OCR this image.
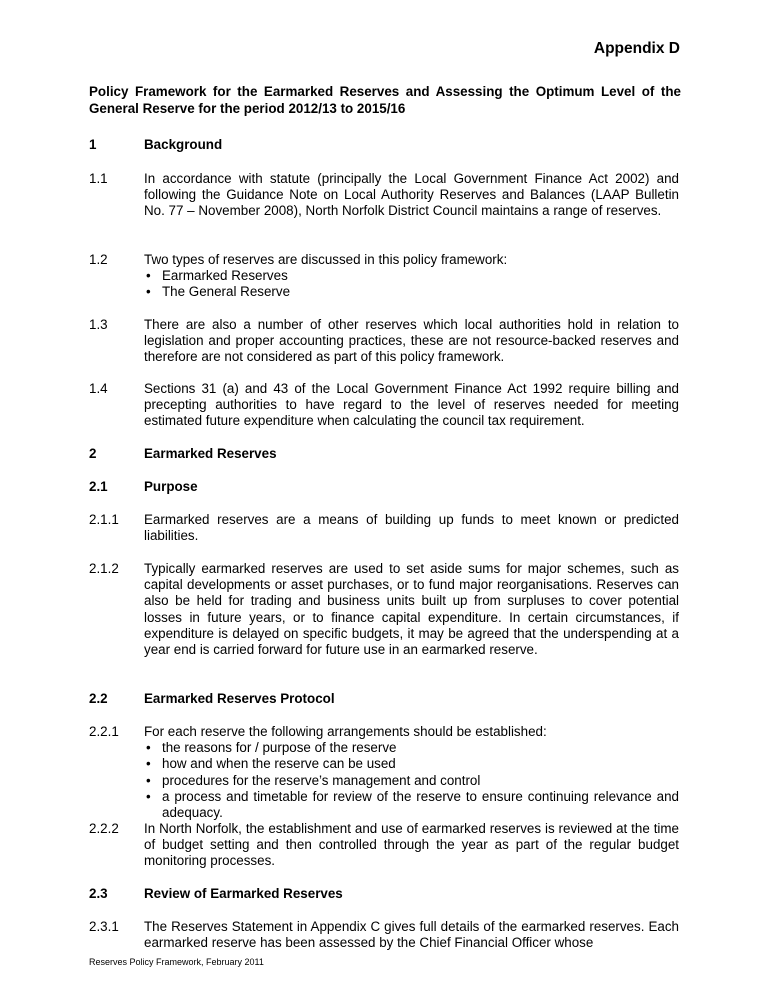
Appendix D
Policy Framework for the Earmarked Reserves and Assessing the Optimum Level of the General Reserve for the period 2012/13 to 2015/16
1	Background
1.1	In accordance with statute (principally the Local Government Finance Act 2002) and following the Guidance Note on Local Authority Reserves and Balances (LAAP Bulletin No. 77 – November 2008), North Norfolk District Council maintains a range of reserves.
1.2	Two types of reserves are discussed in this policy framework:
• Earmarked Reserves
• The General Reserve
1.3	There are also a number of other reserves which local authorities hold in relation to legislation and proper accounting practices, these are not resource-backed reserves and therefore are not considered as part of this policy framework.
1.4	Sections 31 (a) and 43 of the Local Government Finance Act 1992 require billing and precepting authorities to have regard to the level of reserves needed for meeting estimated future expenditure when calculating the council tax requirement.
2	Earmarked Reserves
2.1	Purpose
2.1.1 Earmarked reserves are a means of building up funds to meet known or predicted liabilities.
2.1.2 Typically earmarked reserves are used to set aside sums for major schemes, such as capital developments or asset purchases, or to fund major reorganisations. Reserves can also be held for trading and business units built up from surpluses to cover potential losses in future years, or to finance capital expenditure. In certain circumstances, if expenditure is delayed on specific budgets, it may be agreed that the underspending at a year end is carried forward for future use in an earmarked reserve.
2.2	Earmarked Reserves Protocol
2.2.1 For each reserve the following arrangements should be established:
• the reasons for / purpose of the reserve
• how and when the reserve can be used
• procedures for the reserve’s management and control
• a process and timetable for review of the reserve to ensure continuing relevance and adequacy.
2.2.2 In North Norfolk, the establishment and use of earmarked reserves is reviewed at the time of budget setting and then controlled through the year as part of the regular budget monitoring processes.
2.3	Review of Earmarked Reserves
2.3.1 The Reserves Statement in Appendix C gives full details of the earmarked reserves. Each earmarked reserve has been assessed by the Chief Financial Officer whose
Reserves Policy Framework, February 2011
